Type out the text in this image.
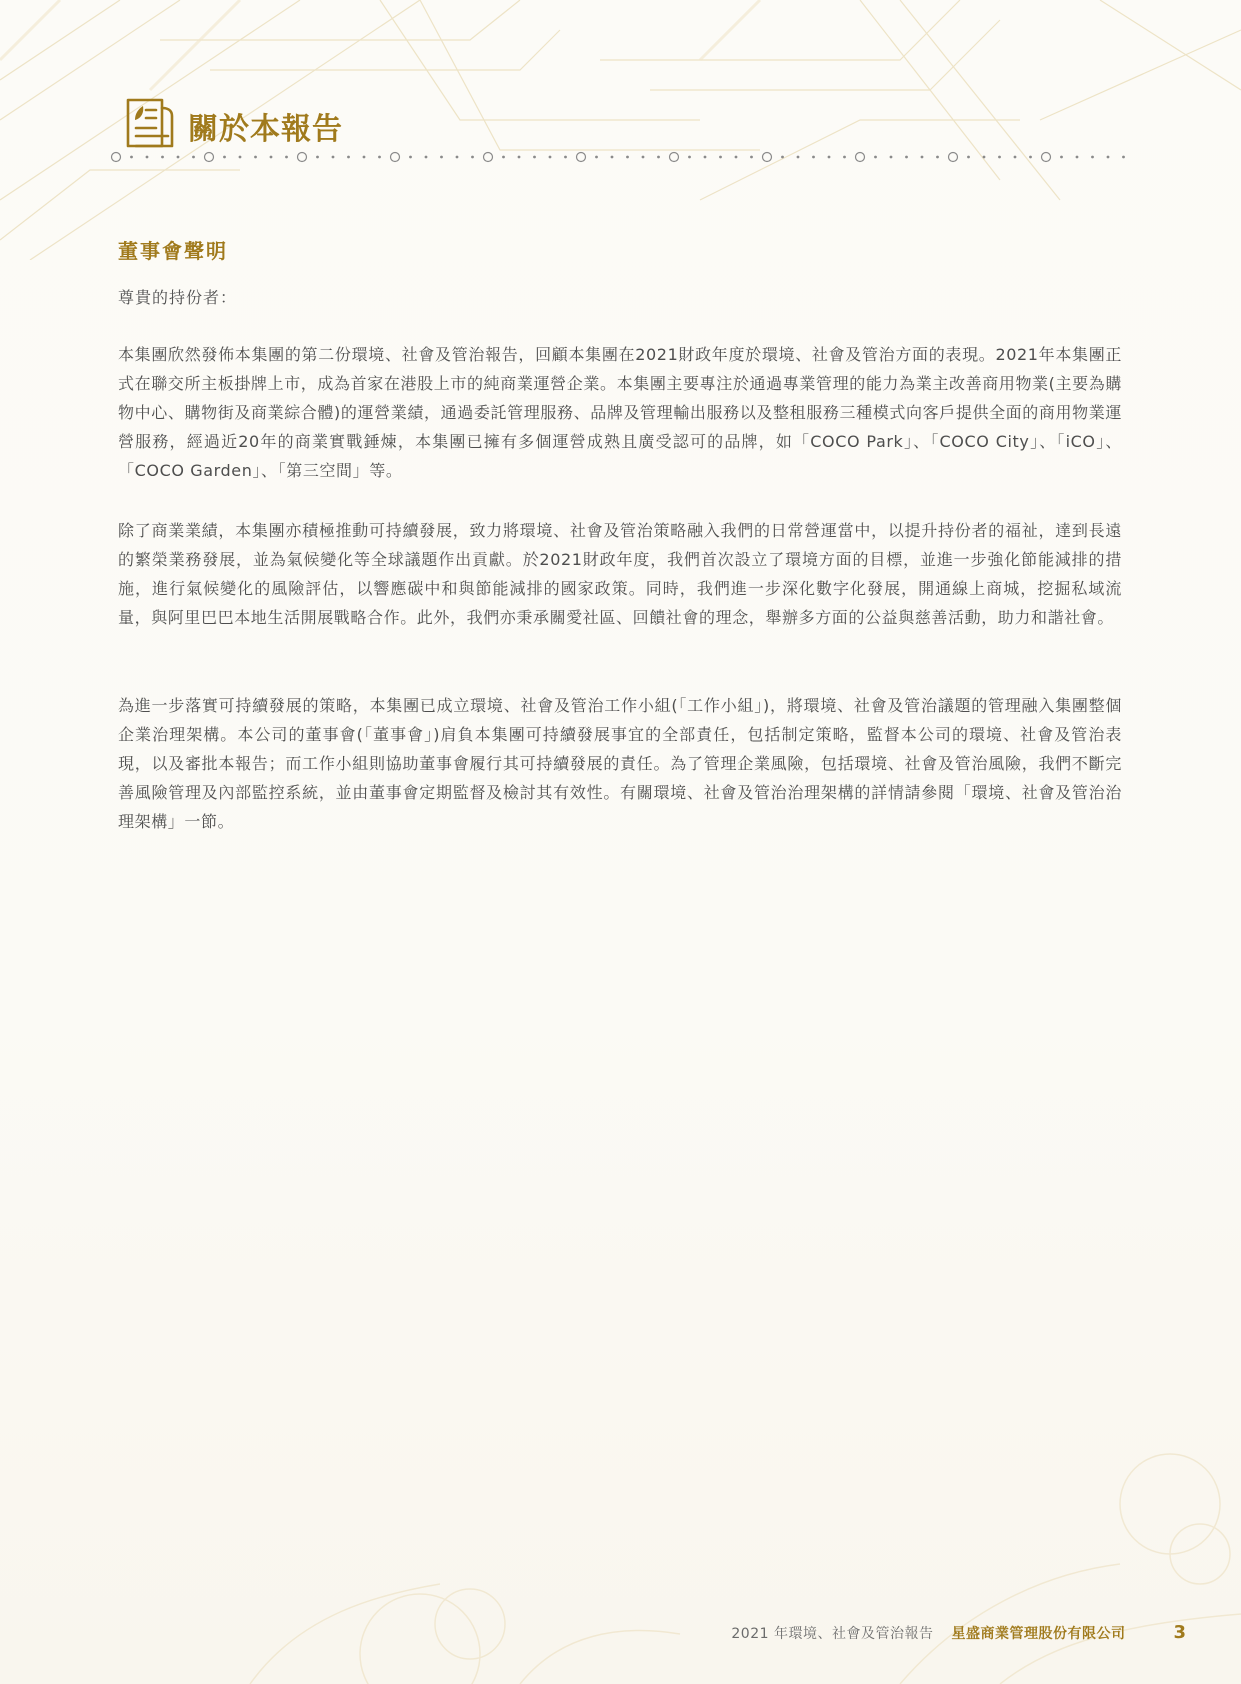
關於本報告
董事會聲明
尊貴的持份者：

本集團欣然發佈本集團的第二份環境、社會及管治報告，回顧本集團在2021財政年度於環境、社會及管治方面的表現。2021年本集團正式在聯交所主板掛牌上市，成為首家在港股上市的純商業運營企業。本集團主要專注於通過專業管理的能力為業主改善商用物業(主要為購物中心、購物街及商業綜合體)的運營業績，通過委託管理服務、品牌及管理輸出服務以及整租服務三種模式向客戶提供全面的商用物業運營服務，經過近20年的商業實戰錘煉，本集團已擁有多個運營成熟且廣受認可的品牌，如「COCO Park」、「COCO City」、「iCO」、「COCO Garden」、「第三空間」等。

除了商業業績，本集團亦積極推動可持續發展，致力將環境、社會及管治策略融入我們的日常營運當中，以提升持份者的福祉，達到長遠的繁榮業務發展，並為氣候變化等全球議題作出貢獻。於2021財政年度，我們首次設立了環境方面的目標，並進一步強化節能減排的措施，進行氣候變化的風險評估，以響應碳中和與節能減排的國家政策。同時，我們進一步深化數字化發展，開通線上商城，挖掘私域流量，與阿里巴巴本地生活開展戰略合作。此外，我們亦秉承關愛社區、回饋社會的理念，舉辦多方面的公益與慈善活動，助力和諧社會。

為進一步落實可持續發展的策略，本集團已成立環境、社會及管治工作小組(「工作小組」)，將環境、社會及管治議題的管理融入集團整個企業治理架構。本公司的董事會(「董事會」)肩負本集團可持續發展事宜的全部責任，包括制定策略，監督本公司的環境、社會及管治表現，以及審批本報告；而工作小組則協助董事會履行其可持續發展的責任。為了管理企業風險，包括環境、社會及管治風險，我們不斷完善風險管理及內部監控系統，並由董事會定期監督及檢討其有效性。有關環境、社會及管治治理架構的詳情請參閱「環境、社會及管治治理架構」一節。

2021 年環境、社會及管治報告 星盛商業管理股份有限公司	3
